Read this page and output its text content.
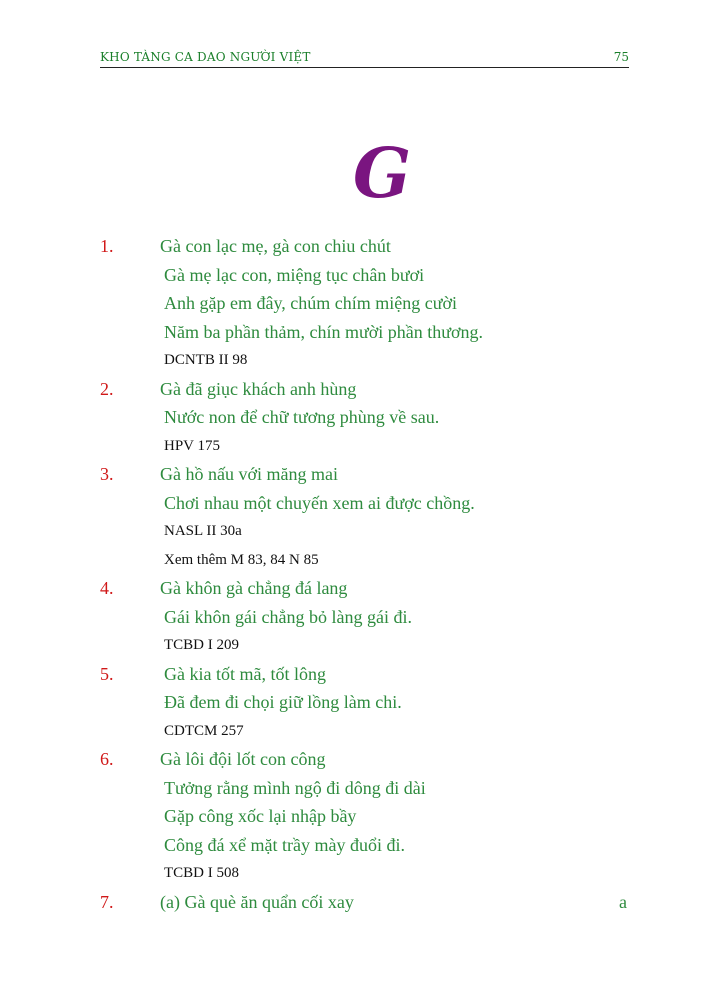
KHO TÀNG CA DAO NGƯỜI VIỆT	75
G
1.	Gà con lạc mẹ, gà con chiu chút
Gà mẹ lạc con, miệng tục chân bươi
Anh gặp em đây, chúm chím miệng cười
Năm ba phần thảm, chín mười phần thương.
DCNTB II 98
2.	Gà đã giục khách anh hùng
Nước non để chữ tương phùng về sau.
HPV 175
3.	Gà hồ nấu với măng mai
Chơi nhau một chuyến xem ai được chồng.
NASL II 30a
Xem thêm M 83, 84 N 85
4.	Gà khôn gà chẳng đá lang
Gái khôn gái chẳng bỏ làng gái đi.
TCBD I 209
5.	Gà kia tốt mã, tốt lông
Đã đem đi chọi giữ lồng làm chi.
CDTCM 257
6.	Gà lôi đội lốt con công
Tưởng rằng mình ngộ đi dông đi dài
Gặp công xốc lại nhập bầy
Công đá xể mặt trầy mày đuổi đi.
TCBD I 508
7.	(a) Gà què ăn quẩn cối xay	a
